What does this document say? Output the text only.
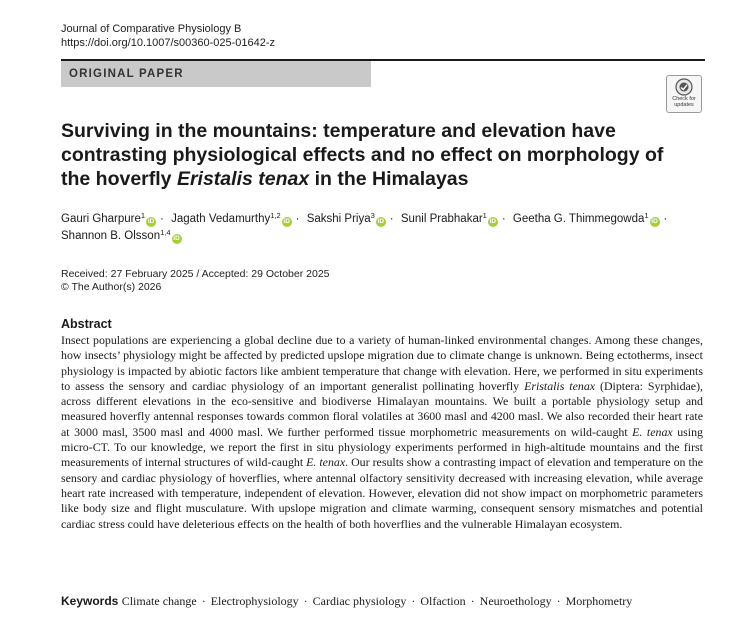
Journal of Comparative Physiology B
https://doi.org/10.1007/s00360-025-01642-z
ORIGINAL PAPER
Check for
updates
Surviving in the mountains: temperature and elevation have contrasting physiological effects and no effect on morphology of the hoverfly Eristalis tenax in the Himalayas
Gauri Gharpure$^1$iD · Jagath Vedamurthy$^{1,2}$iD · Sakshi Priya$^3$iD · Sunil Prabhakar$^1$iD · Geetha G. Thimmegowda$^1$iD · Shannon B. Olsson$^{1,4}$iD
Received: 27 February 2025 / Accepted: 29 October 2025
© The Author(s) 2026
Abstract
Insect populations are experiencing a global decline due to a variety of human-linked environmental changes. Among these changes, how insects’ physiology might be affected by predicted upslope migration due to climate change is unknown. Being ectotherms, insect physiology is impacted by abiotic factors like ambient temperature that change with elevation. Here, we performed in situ experiments to assess the sensory and cardiac physiology of an important generalist pollinating hoverfly Eristalis tenax (Diptera: Syrphidae), across different elevations in the eco-sensitive and biodiverse Himalayan mountains. We built a portable physiology setup and measured hoverfly antennal responses towards common floral volatiles at 3600 masl and 4200 masl. We also recorded their heart rate at 3000 masl, 3500 masl and 4000 masl. We further performed tissue morphometric measurements on wild-caught E. tenax using micro-CT. To our knowledge, we report the first in situ physiology experiments performed in high-altitude mountains and the first measurements of internal structures of wild-caught E. tenax. Our results show a contrasting impact of elevation and temperature on the sensory and cardiac physiology of hoverflies, where antennal olfactory sensitivity decreased with increasing elevation, while average heart rate increased with temperature, independent of elevation. However, elevation did not show impact on morphometric parameters like body size and flight musculature. With upslope migration and climate warming, consequent sensory mismatches and potential cardiac stress could have deleterious effects on the health of both hoverflies and the vulnerable Himalayan ecosystem.
Keywords Climate change · Electrophysiology · Cardiac physiology · Olfaction · Neuroethology · Morphometry
